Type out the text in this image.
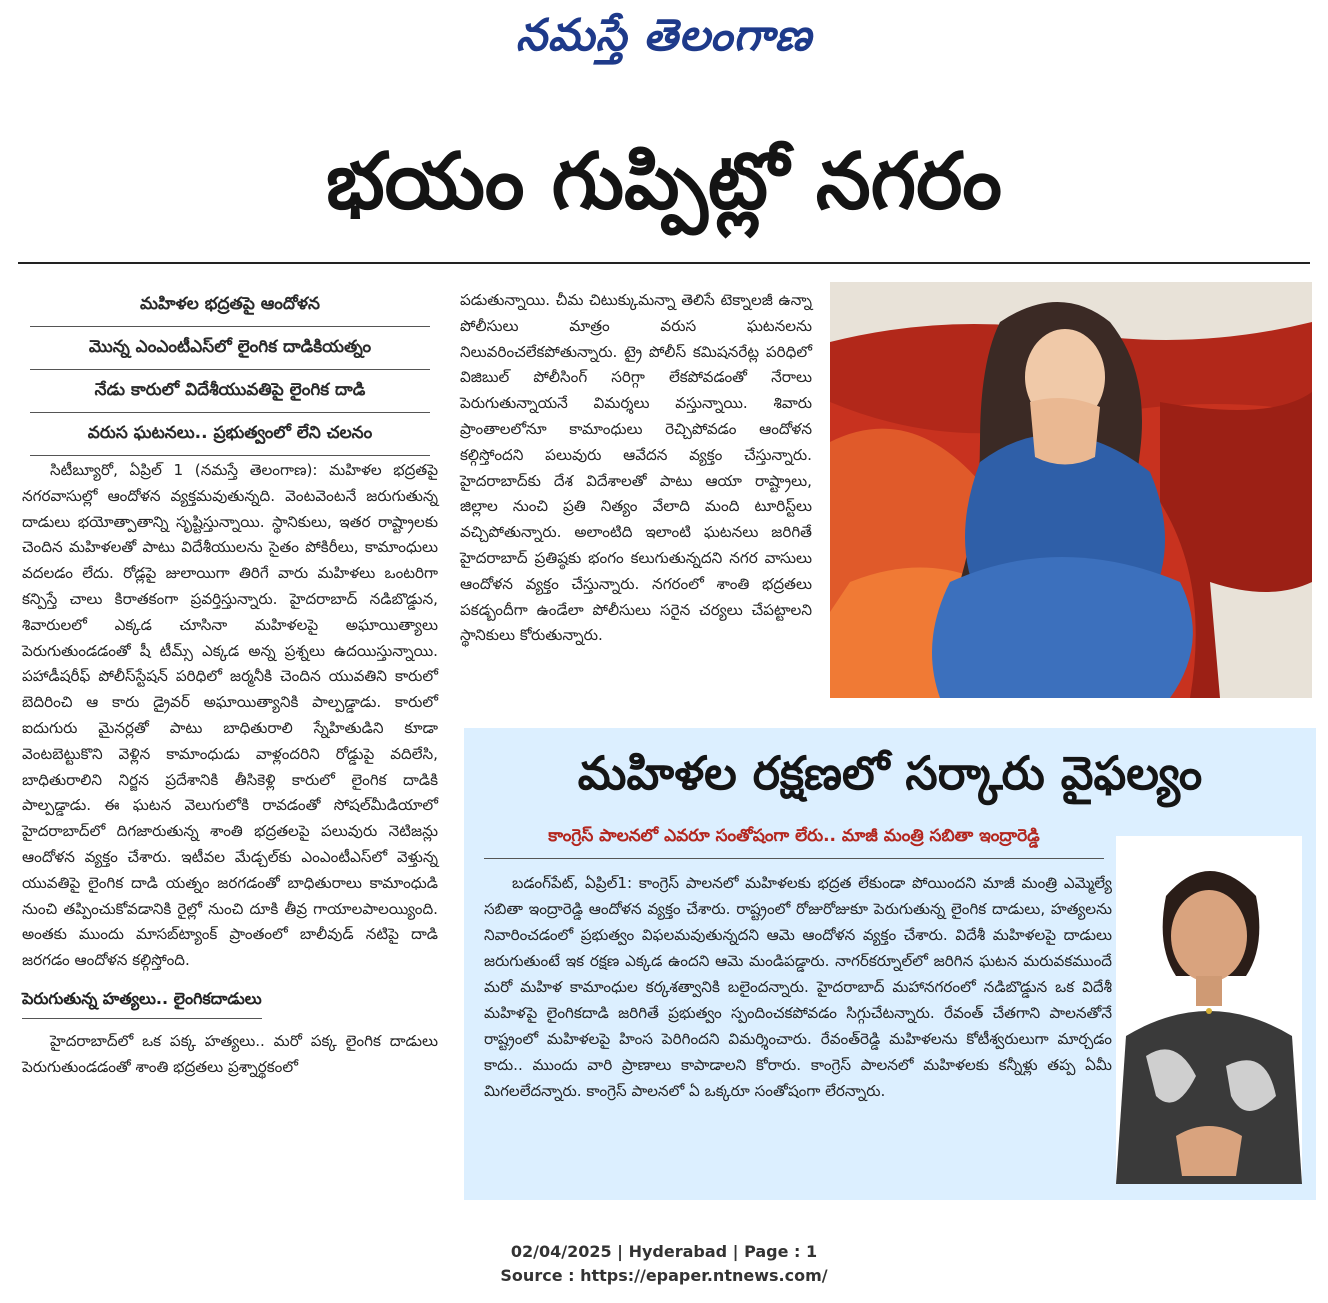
నమస్తే తెలంగాణ
భయం గుప్పిట్లో నగరం
మహిళల భద్రతపై ఆందోళన
మొన్న ఎంఎంటీఎస్‌లో లైంగిక దాడికియత్నం
నేడు కారులో విదేశీయువతిపై లైంగిక దాడి
వరుస ఘటనలు.. ప్రభుత్వంలో లేని చలనం

సిటీబ్యూరో, ఏప్రిల్ 1 (నమస్తే తెలంగాణ): మహిళల భద్రతపై నగరవాసుల్లో ఆందోళన వ్యక్తమవుతున్నది. వెంటవెంటనే జరుగుతున్న దాడులు భయోత్పాతాన్ని సృష్టిస్తున్నాయి. స్థానికులు, ఇతర రాష్ట్రాలకు చెందిన మహిళలతో పాటు విదేశీయులను సైతం పోకిరీలు, కామాంధులు వదలడం లేదు. రోడ్లపై జులాయిగా తిరిగే వారు మహిళలు ఒంటరిగా కన్పిస్తే చాలు కిరాతకంగా ప్రవర్తిస్తున్నారు. హైదరాబాద్ నడిబొడ్డున, శివారులలో ఎక్కడ చూసినా మహిళలపై అఘాయిత్యాలు పెరుగుతుండడంతో షీ టీమ్స్ ఎక్కడ అన్న ప్రశ్నలు ఉదయిస్తున్నాయి. పహాడీషరీఫ్ పోలీస్‌స్టేషన్ పరిధిలో జర్మనీకి చెందిన యువతిని కారులో బెదిరించి ఆ కారు డ్రైవర్ అఘాయిత్యానికి పాల్పడ్డాడు. కారులో ఐదుగురు మైనర్లతో పాటు బాధితురాలి స్నేహితుడిని కూడా వెంటబెట్టుకొని వెళ్లిన కామాంధుడు వాళ్లందరిని రోడ్డుపై వదిలేసి, బాధితురాలిని నిర్జన ప్రదేశానికి తీసికెళ్లి కారులో లైంగిక దాడికి పాల్పడ్డాడు. ఈ ఘటన వెలుగులోకి రావడంతో సోషల్‌మీడియాలో హైదరాబాద్‌లో దిగజారుతున్న శాంతి భద్రతలపై పలువురు నెటిజన్లు ఆందోళన వ్యక్తం చేశారు. ఇటీవల మేడ్చల్‌కు ఎంఎంటీఎస్‌లో వెళ్తున్న యువతిపై లైంగిక దాడి యత్నం జరగడంతో బాధితురాలు కామాంధుడి నుంచి తప్పించుకోవడానికి రైల్లో నుంచి దూకి తీవ్ర గాయాలపాలయ్యింది. అంతకు ముందు మాసబ్‌ట్యాంక్ ప్రాంతంలో బాలీవుడ్ నటిపై దాడి జరగడం ఆందోళన కల్గిస్తోంది.

పెరుగుతున్న హత్యలు.. లైంగికదాడులు

హైదరాబాద్‌లో ఒక పక్క హత్యలు.. మరో పక్క లైంగిక దాడులు పెరుగుతుండడంతో శాంతి భద్రతలు ప్రశ్నార్థకంలో

పడుతున్నాయి. చీమ చిటుక్కుమన్నా తెలిసే టెక్నాలజీ ఉన్నా పోలీసులు మాత్రం వరుస ఘటనలను నిలువరించలేకపోతున్నారు. ట్రై పోలీస్ కమిషనరేట్ల పరిధిలో విజిబుల్ పోలీసింగ్ సరిగ్గా లేకపోవడంతో నేరాలు పెరుగుతున్నాయనే విమర్శలు వస్తున్నాయి. శివారు ప్రాంతాలలోనూ కామాంధులు రెచ్చిపోవడం ఆందోళన కల్గిస్తోందని పలువురు ఆవేదన వ్యక్తం చేస్తున్నారు. హైదరాబాద్‌కు దేశ విదేశాలతో పాటు ఆయా రాష్ట్రాలు, జిల్లాల నుంచి ప్రతి నిత్యం వేలాది మంది టూరిస్ట్‌లు వచ్చిపోతున్నారు. అలాంటిది ఇలాంటి ఘటనలు జరిగితే హైదరాబాద్ ప్రతిష్ఠకు భంగం కలుగుతున్నదని నగర వాసులు ఆందోళన వ్యక్తం చేస్తున్నారు. నగరంలో శాంతి భద్రతలు పకడ్బందీగా ఉండేలా పోలీసులు సరైన చర్యలు చేపట్టాలని స్థానికులు కోరుతున్నారు.

మహిళల రక్షణలో సర్కారు వైఫల్యం
కాంగ్రెస్ పాలనలో ఎవరూ సంతోషంగా లేరు.. మాజీ మంత్రి సబితా ఇంద్రారెడ్డి

బడంగ్‌పేట్, ఏప్రిల్1: కాంగ్రెస్ పాలనలో మహిళలకు భద్రత లేకుండా పోయిందని మాజీ మంత్రి ఎమ్మెల్యే సబితా ఇంద్రారెడ్డి ఆందోళన వ్యక్తం చేశారు. రాష్ట్రంలో రోజురోజుకూ పెరుగుతున్న లైంగిక దాడులు, హత్యలను నివారించడంలో ప్రభుత్వం విఫలమవుతున్నదని ఆమె ఆందోళన వ్యక్తం చేశారు. విదేశీ మహిళలపై దాడులు జరుగుతుంటే ఇక రక్షణ ఎక్కడ ఉందని ఆమె మండిపడ్డారు. నాగర్‌కర్నూల్‌లో జరిగిన ఘటన మరువకముందే మరో మహిళ కామాంధుల కర్కశత్వానికి బలైందన్నారు. హైదరాబాద్ మహానగరంలో నడిబొడ్డున ఒక విదేశీ మహిళపై లైంగికదాడి జరిగితే ప్రభుత్వం స్పందించకపోవడం సిగ్గుచేటన్నారు. రేవంత్ చేతగాని పాలనతోనే రాష్ట్రంలో మహిళలపై హింస పెరిగిందని విమర్శించారు. రేవంత్‌రెడ్డి మహిళలను కోటీశ్వరులుగా మార్చడం కాదు.. ముందు వారి ప్రాణాలు కాపాడాలని కోరారు. కాంగ్రెస్ పాలనలో మహిళలకు కన్నీళ్లు తప్ప ఏమీ మిగలలేదన్నారు. కాంగ్రెస్ పాలనలో ఏ ఒక్కరూ సంతోషంగా లేరన్నారు.

02/04/2025 | Hyderabad | Page : 1
Source : https://epaper.ntnews.com/
